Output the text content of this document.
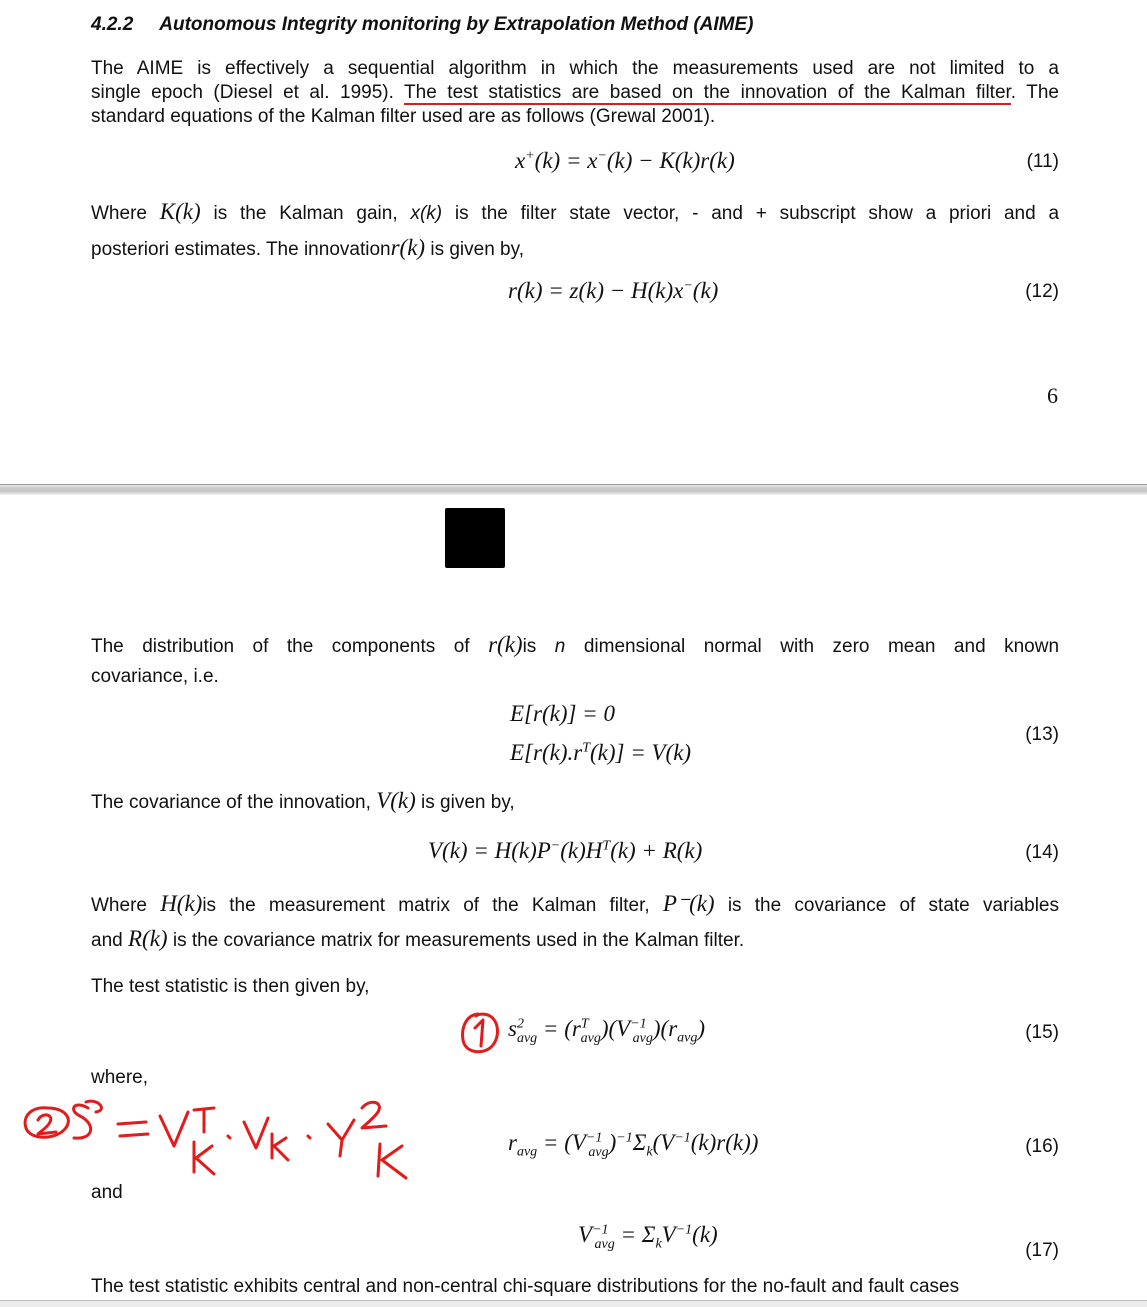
4.2.2 Autonomous Integrity monitoring by Extrapolation Method (AIME)
The AIME is effectively a sequential algorithm in which the measurements used are not limited to a
single epoch (Diesel et al. 1995). The test statistics are based on the innovation of the Kalman filter. The
standard equations of the Kalman filter used are as follows (Grewal 2001).
x+(k) = x−(k) − K(k)r(k)	(11)
Where K(k) is the Kalman gain, x(k) is the filter state vector, - and + subscript show a priori and a
posteriori estimates. The innovationr(k) is given by,
r(k) = z(k) − H(k)x−(k)	(12)
6
The distribution of the components of r(k)is n dimensional normal with zero mean and known
covariance, i.e.
E[r(k)] = 0
$E[r(k).r^T(k)] = V(k)$
(13)
The covariance of the innovation, V(k) is given by,
$V(k) = H(k)P^-(k)H^T(k) + R(k)$	(14)
Where H(k)is the measurement matrix of the Kalman filter, P⁻(k) is the covariance of state variables
and R(k) is the covariance matrix for measurements used in the Kalman filter.
The test statistic is then given by,
$s^2_{avg} = (r^T_{avg})(V^{-1}_{avg})(r_{avg})$	(15)
where,
$r_{avg} = (V^{-1}_{avg})^{-1}\Sigma_k(V^{-1}(k)r(k))$	(16)
and
$V^{-1}_{avg} = \Sigma_kV^{-1}(k)$
(17)
The test statistic exhibits central and non-central chi-square distributions for the no-fault and fault cases
